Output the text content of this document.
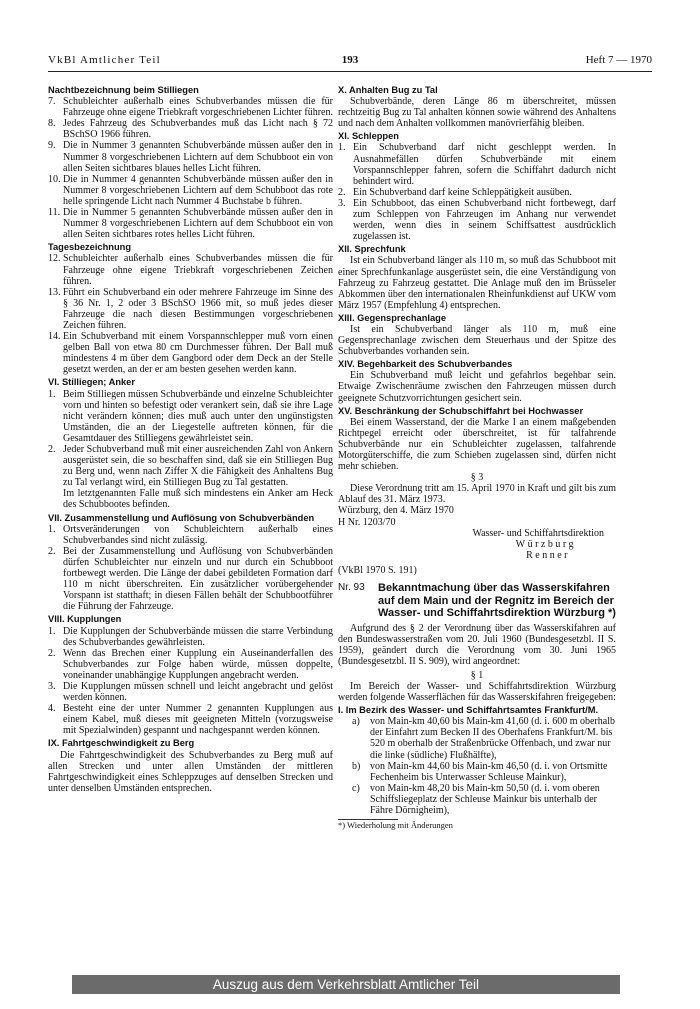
VkBl Amtlicher Teil	193	Heft 7 — 1970
Nachtbezeichnung beim Stilliegen
7. Schubleichter außerhalb eines Schubverbandes müssen die für Fahrzeuge ohne eigene Triebkraft vorgeschriebenen Lichter führen.
8. Jedes Fahrzeug des Schubverbandes muß das Licht nach § 72 BSchSO 1966 führen.
9. Die in Nummer 3 genannten Schubverbände müssen außer den in Nummer 8 vorgeschriebenen Lichtern auf dem Schubboot ein von allen Seiten sichtbares blaues helles Licht führen.
10. Die in Nummer 4 genannten Schubverbände müssen außer den in Nummer 8 vorgeschriebenen Lichtern auf dem Schubboot das rote helle springende Licht nach Nummer 4 Buchstabe b führen.
11. Die in Nummer 5 genannten Schubverbände müssen außer den in Nummer 8 vorgeschriebenen Lichtern auf dem Schubboot ein von allen Seiten sichtbares rotes helles Licht führen.
Tagesbezeichnung
12. Schubleichter außerhalb eines Schubverbandes müssen die für Fahrzeuge ohne eigene Triebkraft vorgeschriebenen Zeichen führen.
13. Führt ein Schubverband ein oder mehrere Fahrzeuge im Sinne des § 36 Nr. 1, 2 oder 3 BSchSO 1966 mit, so muß jedes dieser Fahrzeuge die nach diesen Bestimmungen vorgeschriebenen Zeichen führen.
14. Ein Schubverband mit einem Vorspannschlepper muß vorn einen gelben Ball von etwa 80 cm Durchmesser führen. Der Ball muß mindestens 4 m über dem Gangbord oder dem Deck an der Stelle gesetzt werden, an der er am besten gesehen werden kann.
VI. Stilliegen; Anker
1. Beim Stilliegen müssen Schubverbände und einzelne Schubleichter vorn und hinten so befestigt oder verankert sein, daß sie ihre Lage nicht verändern können; dies muß auch unter den ungünstigsten Umständen, die an der Liegestelle auftreten können, für die Gesamtdauer des Stilliegens gewährleistet sein.
2. Jeder Schubverband muß mit einer ausreichenden Zahl von Ankern ausgerüstet sein, die so beschaffen sind, daß sie ein Stilliegen Bug zu Berg und, wenn nach Ziffer X die Fähigkeit des Anhaltens Bug zu Tal verlangt wird, ein Stilliegen Bug zu Tal gestatten.
Im letztgenannten Falle muß sich mindestens ein Anker am Heck des Schubbootes befinden.
VII. Zusammenstellung und Auflösung von Schubverbänden
1. Ortsveränderungen von Schubleichtern außerhalb eines Schubverbandes sind nicht zulässig.
2. Bei der Zusammenstellung und Auflösung von Schubverbänden dürfen Schubleichter nur einzeln und nur durch ein Schubboot fortbewegt werden. Die Länge der dabei gebildeten Formation darf 110 m nicht überschreiten. Ein zusätzlicher vorübergehender Vorspann ist statthaft; in diesen Fällen behält der Schubbootführer die Führung der Fahrzeuge.
VIII. Kupplungen
1. Die Kupplungen der Schubverbände müssen die starre Verbindung des Schubverbandes gewährleisten.
2. Wenn das Brechen einer Kupplung ein Auseinanderfallen des Schubverbandes zur Folge haben würde, müssen doppelte, voneinander unabhängige Kupplungen angebracht werden.
3. Die Kupplungen müssen schnell und leicht angebracht und gelöst werden können.
4. Besteht eine der unter Nummer 2 genannten Kupplungen aus einem Kabel, muß dieses mit geeigneten Mitteln (vorzugsweise mit Spezialwinden) gespannt und nachgespannt werden können.
IX. Fahrtgeschwindigkeit zu Berg
Die Fahrtgeschwindigkeit des Schubverbandes zu Berg muß auf allen Strecken und unter allen Umständen der mittleren Fahrtgeschwindigkeit eines Schleppzuges auf denselben Strecken und unter denselben Umständen entsprechen.
X. Anhalten Bug zu Tal
Schubverbände, deren Länge 86 m überschreitet, müssen rechtzeitig Bug zu Tal anhalten können sowie während des Anhaltens und nach dem Anhalten vollkommen manövrierfähig bleiben.
XI. Schleppen
1. Ein Schubverband darf nicht geschleppt werden. In Ausnahmefällen dürfen Schubverbände mit einem Vorspannschlepper fahren, sofern die Schiffahrt dadurch nicht behindert wird.
2. Ein Schubverband darf keine Schleppätigkeit ausüben.
3. Ein Schubboot, das einen Schubverband nicht fortbewegt, darf zum Schleppen von Fahrzeugen im Anhang nur verwendet werden, wenn dies in seinem Schiffsattest ausdrücklich zugelassen ist.
XII. Sprechfunk
Ist ein Schubverband länger als 110 m, so muß das Schubboot mit einer Sprechfunkanlage ausgerüstet sein, die eine Verständigung von Fahrzeug zu Fahrzeug gestattet. Die Anlage muß den im Brüsseler Abkommen über den internationalen Rheinfunkdienst auf UKW vom März 1957 (Empfehlung 4) entsprechen.
XIII. Gegensprechanlage
Ist ein Schubverband länger als 110 m, muß eine Gegensprechanlage zwischen dem Steuerhaus und der Spitze des Schubverbandes vorhanden sein.
XIV. Begehbarkeit des Schubverbandes
Ein Schubverband muß leicht und gefahrlos begehbar sein. Etwaige Zwischenräume zwischen den Fahrzeugen müssen durch geeignete Schutzvorrichtungen gesichert sein.
XV. Beschränkung der Schubschiffahrt bei Hochwasser
Bei einem Wasserstand, der die Marke I an einem maßgebenden Richtpegel erreicht oder überschreitet, ist für talfahrende Schubverbände nur ein Schubleichter zugelassen, talfahrende Motorgüterschiffe, die zum Schieben zugelassen sind, dürfen nicht mehr schieben.
§ 3
Diese Verordnung tritt am 15. April 1970 in Kraft und gilt bis zum Ablauf des 31. März 1973.
Würzburg, den 4. März 1970
H Nr. 1203/70
Wasser- und Schiffahrtsdirektion
Würzburg
Renner
(VkBl 1970 S. 191)
Nr. 93	Bekanntmachung über das Wasserskifahren auf dem Main und der Regnitz im Bereich der Wasser- und Schiffahrtsdirektion Würzburg *)
Aufgrund des § 2 der Verordnung über das Wasserskifahren auf den Bundeswasserstraßen vom 20. Juli 1960 (Bundesgesetzbl. II S. 1959), geändert durch die Verordnung vom 30. Juni 1965 (Bundesgesetzbl. II S. 909), wird angeordnet:
§ 1
Im Bereich der Wasser- und Schiffahrtsdirektion Würzburg werden folgende Wasserflächen für das Wasserskifahren freigegeben:
I. Im Bezirk des Wasser- und Schiffahrtsamtes Frankfurt/M.
a)	von Main-km 40,60 bis Main-km 41,60 (d. i. 600 m oberhalb der Einfahrt zum Becken II des Oberhafens Frankfurt/M. bis 520 m oberhalb der Straßenbrücke Offenbach, und zwar nur die linke (südliche) Flußhälfte),
b) von Main-km 44,60 bis Main-km 46,50 (d. i. von Ortsmitte Fechenheim bis Unterwasser Schleuse Mainkur),
c)	von Main-km 48,20 bis Main-km 50,50 (d. i. vom oberen Schiffsliegeplatz der Schleuse Mainkur bis unterhalb der Fähre Dörnigheim),
*) Wiederholung mit Änderungen
Auszug aus dem Verkehrsblatt Amtlicher Teil
